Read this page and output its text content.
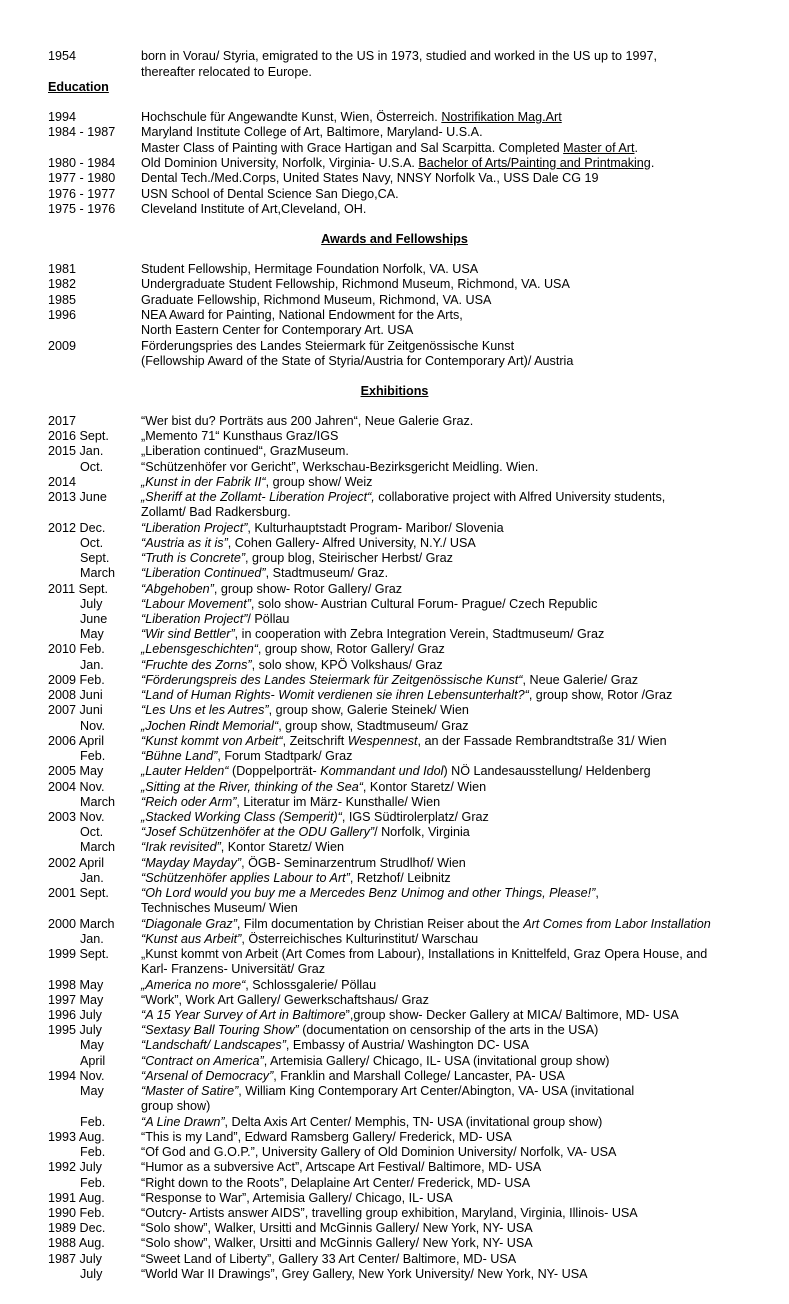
1954	born in Vorau/ Styria, emigrated to the US in 1973, studied and worked in the US up to 1997,
thereafter relocated to Europe.
Education
1994	Hochschule für Angewandte Kunst, Wien, Österreich. Nostrifikation Mag.Art
1984 - 1987 Maryland Institute College of Art, Baltimore, Maryland- U.S.A.
Master Class of Painting with Grace Hartigan and Sal Scarpitta. Completed Master of Art.
1980 - 1984 Old Dominion University, Norfolk, Virginia- U.S.A. Bachelor of Arts/Painting and Printmaking.
1977 - 1980 Dental Tech./Med.Corps, United States Navy, NNSY Norfolk Va., USS Dale CG 19
1976 - 1977 USN School of Dental Science San Diego,CA.
1975 - 1976 Cleveland Institute of Art,Cleveland, OH.
Awards and Fellowships
1981	Student Fellowship, Hermitage Foundation Norfolk, VA. USA
1982	Undergraduate Student Fellowship, Richmond Museum, Richmond, VA. USA
1985	Graduate Fellowship, Richmond Museum, Richmond, VA. USA
1996	NEA Award for Painting, National Endowment for the Arts,
North Eastern Center for Contemporary Art. USA
2009	Förderungspries des Landes Steiermark für Zeitgenössische Kunst
(Fellowship Award of the State of Styria/Austria for Contemporary Art)/ Austria
Exhibitions
2017	“Wer bist du? Porträts aus 200 Jahren“, Neue Galerie Graz.
2016 Sept.	„Memento 71“ Kunsthaus Graz/IGS
2015 Jan.	„Liberation continued“, GrazMuseum.
Oct.	“Schützenhöfer vor Gericht”, Werkschau-Bezirksgericht Meidling. Wien.
2014	„Kunst in der Fabrik II“, group show/ Weiz
2013 June	„Sheriff at the Zollamt- Liberation Project“, collaborative project with Alfred University students,
Zollamt/ Bad Radkersburg.
2012 Dec.	“Liberation Project”, Kulturhauptstadt Program- Maribor/ Slovenia
Oct.	“Austria as it is”, Cohen Gallery- Alfred University, N.Y./ USA
Sept.	“Truth is Concrete”, group blog, Steirischer Herbst/ Graz
March “Liberation Continued”, Stadtmuseum/ Graz.
2011 Sept.	“Abgehoben”, group show- Rotor Gallery/ Graz
July	“Labour Movement”, solo show- Austrian Cultural Forum- Prague/ Czech Republic
June	“Liberation Project”/ Pöllau
May	“Wir sind Bettler”, in cooperation with Zebra Integration Verein, Stadtmuseum/ Graz
2010 Feb.	„Lebensgeschichten“, group show, Rotor Gallery/ Graz
Jan.	“Fruchte des Zorns”, solo show, KPÖ Volkshaus/ Graz
2009 Feb.	“Förderungspreis des Landes Steiermark für Zeitgenössische Kunst“, Neue Galerie/ Graz
2008 Juni	“Land of Human Rights- Womit verdienen sie ihren Lebensunterhalt?“, group show, Rotor /Graz
2007 Juni	“Les Uns et les Autres”, group show, Galerie Steinek/ Wien
Nov.	„Jochen Rindt Memorial“, group show, Stadtmuseum/ Graz
2006 April	“Kunst kommt von Arbeit“, Zeitschrift Wespennest, an der Fassade Rembrandtstraße 31/ Wien
Feb.	“Bühne Land”, Forum Stadtpark/ Graz
2005 May	„Lauter Helden“ (Doppelporträt- Kommandant und Idol) NÖ Landesausstellung/ Heldenberg
2004 Nov.	„Sitting at the River, thinking of the Sea“, Kontor Staretz/ Wien
March “Reich oder Arm”, Literatur im März- Kunsthalle/ Wien
2003 Nov.	„Stacked Working Class (Semperit)“, IGS Südtirolerplatz/ Graz
Oct.	“Josef Schützenhöfer at the ODU Gallery”/ Norfolk, Virginia
March “Irak revisited”, Kontor Staretz/ Wien
2002 April	“Mayday Mayday”, ÖGB- Seminarzentrum Strudlhof/ Wien
Jan.	“Schützenhöfer applies Labour to Art”, Retzhof/ Leibnitz
2001 Sept.	“Oh Lord would you buy me a Mercedes Benz Unimog and other Things, Please!”,
Technisches Museum/ Wien
2000 March “Diagonale Graz”, Film documentation by Christian Reiser about the Art Comes from Labor Installation
Jan.	“Kunst aus Arbeit”, Österreichisches Kulturinstitut/ Warschau
1999 Sept.	„Kunst kommt von Arbeit (Art Comes from Labour), Installations in Knittelfeld, Graz Opera House, and
Karl- Franzens- Universität/ Graz
1998 May	„America no more“, Schlossgalerie/ Pöllau
1997 May	“Work”, Work Art Gallery/ Gewerkschaftshaus/ Graz
1996 July	“A 15 Year Survey of Art in Baltimore”,group show- Decker Gallery at MICA/ Baltimore, MD- USA
1995 July	“Sextasy Ball Touring Show” (documentation on censorship of the arts in the USA)
May	“Landschaft/ Landscapes”, Embassy of Austria/ Washington DC- USA
April	“Contract on America”, Artemisia Gallery/ Chicago, IL- USA (invitational group show)
1994 Nov.	“Arsenal of Democracy”, Franklin and Marshall College/ Lancaster, PA- USA
May	“Master of Satire”, William King Contemporary Art Center/Abington, VA- USA (invitational
group show)
Feb.	“A Line Drawn”, Delta Axis Art Center/ Memphis, TN- USA (invitational group show)
1993 Aug.	“This is my Land”, Edward Ramsberg Gallery/ Frederick, MD- USA
Feb.	“Of God and G.O.P.”, University Gallery of Old Dominion University/ Norfolk, VA- USA
1992 July	“Humor as a subversive Act”, Artscape Art Festival/ Baltimore, MD- USA
Feb.	“Right down to the Roots”, Delaplaine Art Center/ Frederick, MD- USA
1991 Aug.	“Response to War”, Artemisia Gallery/ Chicago, IL- USA
1990 Feb.	“Outcry- Artists answer AIDS”, travelling group exhibition, Maryland, Virginia, Illinois- USA
1989 Dec.	“Solo show”, Walker, Ursitti and McGinnis Gallery/ New York, NY- USA
1988 Aug.	“Solo show”, Walker, Ursitti and McGinnis Gallery/ New York, NY- USA
1987 July	“Sweet Land of Liberty”, Gallery 33 Art Center/ Baltimore, MD- USA
July	“World War II Drawings”, Grey Gallery, New York University/ New York, NY- USA
